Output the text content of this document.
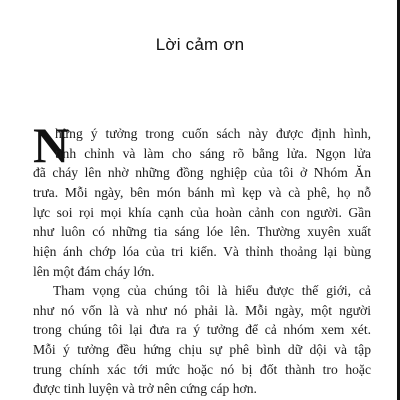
Lời cảm ơn
N
hững ý tưởng trong cuốn sách này được định hình,
tinh chỉnh và làm cho sáng rõ bằng lửa. Ngọn lửa
đã cháy lên nhờ những đồng nghiệp của tôi ở Nhóm Ăn
trưa. Mỗi ngày, bên món bánh mì kẹp và cà phê, họ nỗ
lực soi rọi mọi khía cạnh của hoàn cảnh con người. Gần
như luôn có những tia sáng lóe lên. Thường xuyên xuất
hiện ánh chớp lóa của tri kiến. Và thỉnh thoảng lại bùng
lên một đám cháy lớn.
Tham vọng của chúng tôi là hiểu được thế giới, cả
như nó vốn là và như nó phải là. Mỗi ngày, một người
trong chúng tôi lại đưa ra ý tưởng để cả nhóm xem xét.
Mỗi ý tưởng đều hứng chịu sự phê bình dữ dội và tập
trung chính xác tới mức hoặc nó bị đốt thành tro hoặc
được tinh luyện và trở nên cứng cáp hơn.
